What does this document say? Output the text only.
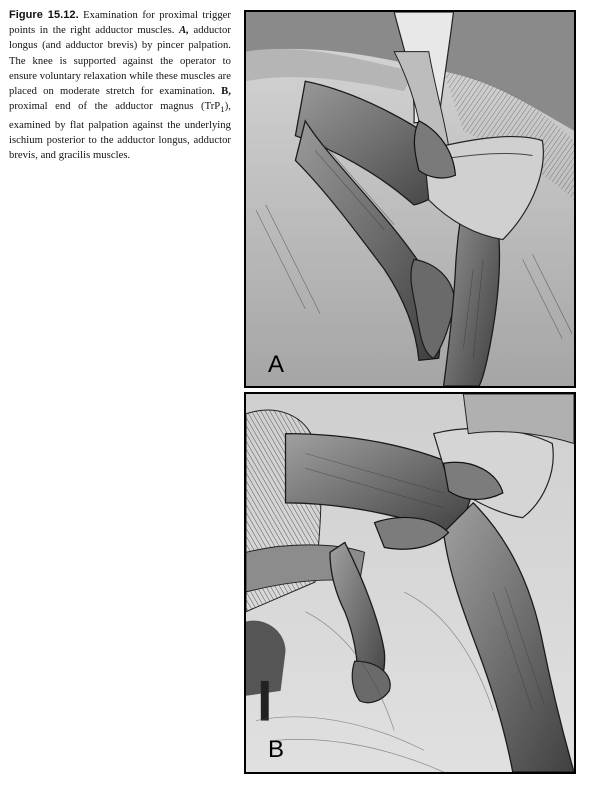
Figure 15.12. Examination for proximal trigger points in the right adductor muscles. A, adductor longus (and adductor brevis) by pincer palpation. The knee is supported against the operator to ensure voluntary relaxation while these muscles are placed on moderate stretch for examination. B, proximal end of the adductor magnus (TrP$_1$), examined by flat palpation against the underlying ischium posterior to the adductor longus, adductor brevis, and gracilis muscles.
A
B
